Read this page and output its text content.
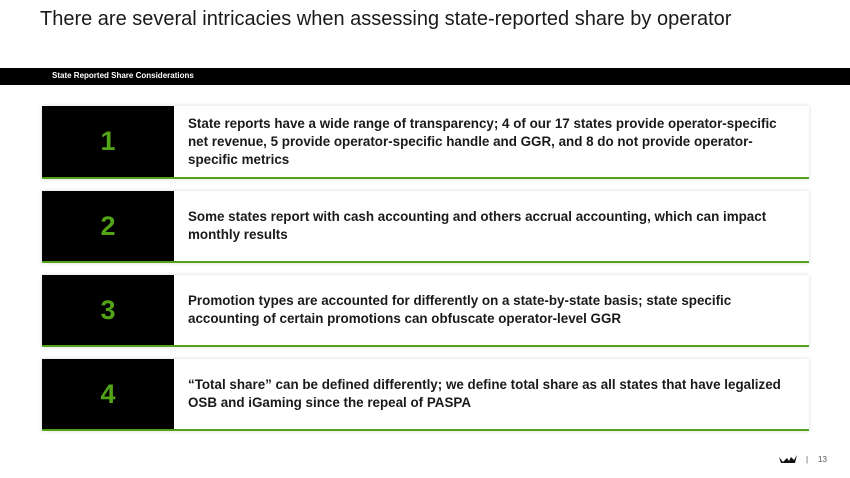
There are several intricacies when assessing state-reported share by operator
State Reported Share Considerations
1
State reports have a wide range of transparency; 4 of our 17 states provide operator-specific net revenue, 5 provide operator-specific handle and GGR, and 8 do not provide operator-specific metrics
2	Some states report with cash accounting and others accrual accounting, which can impact monthly results
3	Promotion types are accounted for differently on a state-by-state basis; state specific accounting of certain promotions can obfuscate operator-level GGR
4	“Total share” can be defined differently; we define total share as all states that have legalized OSB and iGaming since the repeal of PASPA
| 13
